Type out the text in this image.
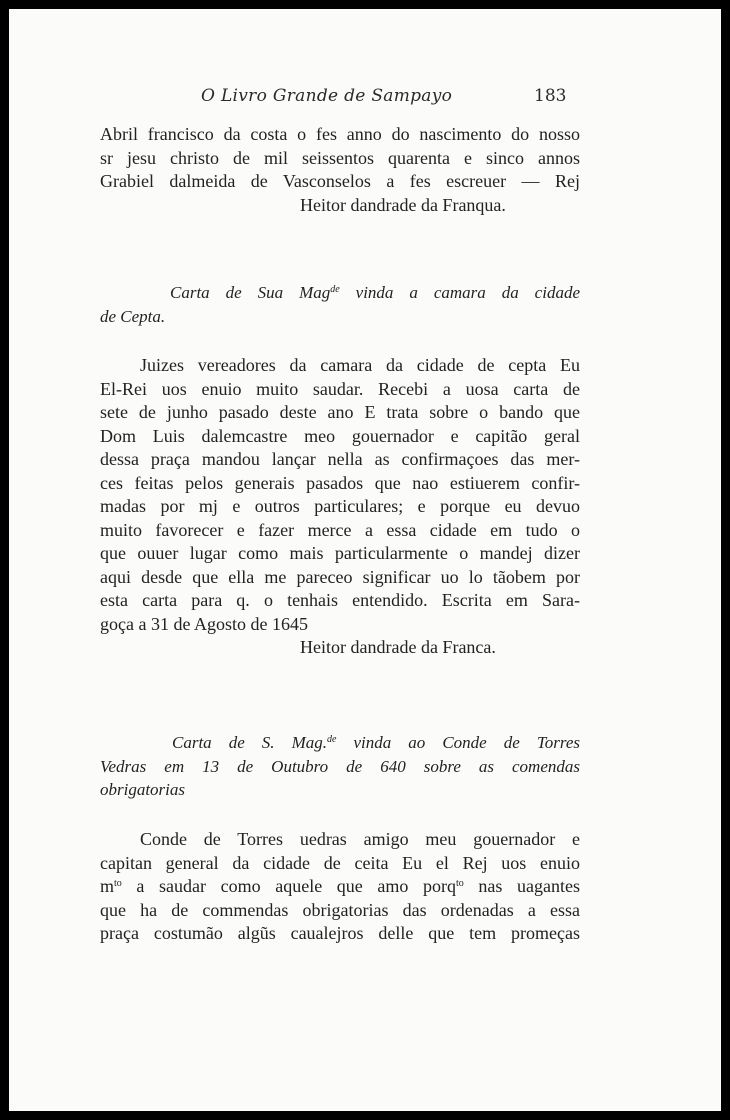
O Livro Grande de Sampayo	183
Abril francisco da costa o fes anno do nascimento do nosso
sr jesu christo de mil seissentos quarenta e sinco annos
Grabiel dalmeida de Vasconselos a fes escreuer — Rej
Heitor dandrade da Franqua.
Carta de Sua Mag$^{de}$ vinda a camara da cidade
de Cepta.
Juizes vereadores da camara da cidade de cepta Eu
El-Rei uos enuio muito saudar. Recebi a uosa carta de
sete de junho pasado deste ano E trata sobre o bando que
Dom Luis dalemcastre meo gouernador e capitão geral
dessa praça mandou lançar nella as confirmaçoes das mer-
ces feitas pelos generais pasados que nao estiuerem confir-
madas por mj e outros particulares; e porque eu devuo
muito favorecer e fazer merce a essa cidade em tudo o
que ouuer lugar como mais particularmente o mandej dizer
aqui desde que ella me pareceo significar uo lo tãobem por
esta carta para q. o tenhais entendido. Escrita em Sara-
goça a 31 de Agosto de 1645
Heitor dandrade da Franca.
Carta de S. Mag.$^{de}$ vinda ao Conde de Torres
Vedras em 13 de Outubro de 640 sobre as comendas
obrigatorias
Conde de Torres uedras amigo meu gouernador e
capitan general da cidade de ceita Eu el Rej uos enuio
$m^{to}$ a saudar como aquele que amo porq$^{to}$ nas uagantes
que ha de commendas obrigatorias das ordenadas a essa
praça costumão algũs caualejros delle que tem promeças
